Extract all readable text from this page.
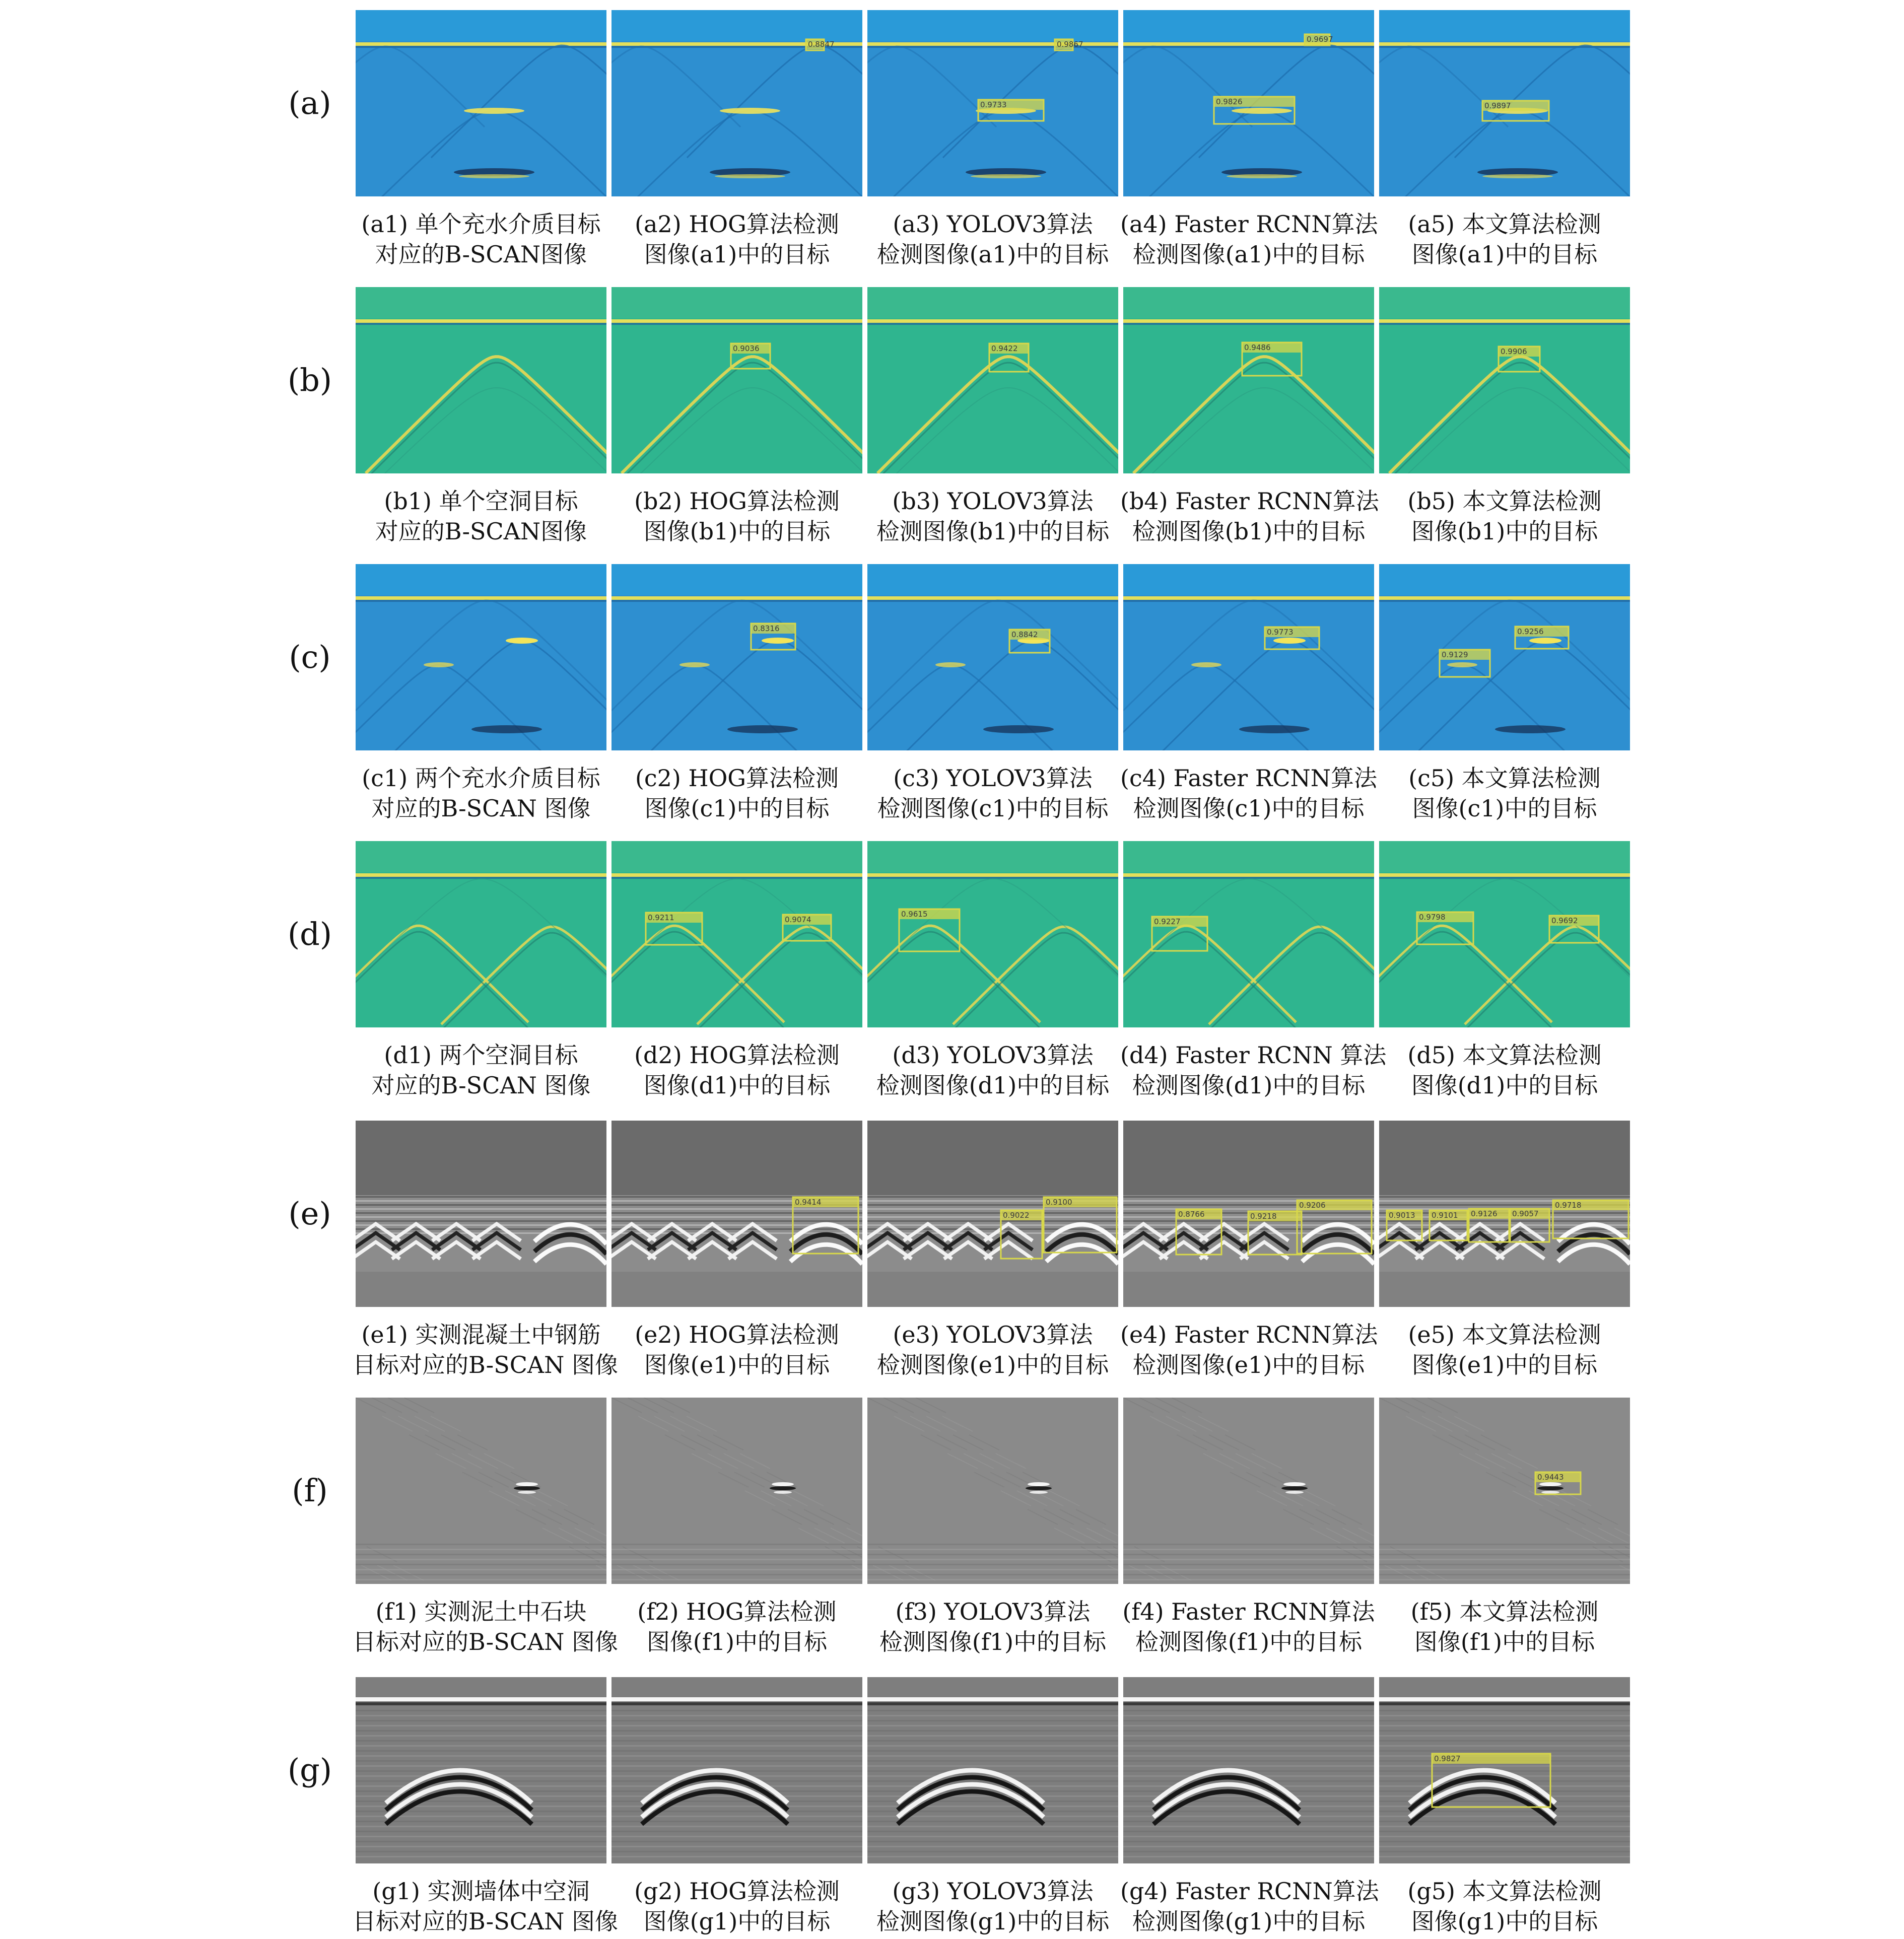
(a)
(a1) 单个充水介质目标
对应的B-SCAN图像
0.8847
(a2) HOG算法检测
图像(a1)中的目标
0.9867
0.9733
(a3) YOLOV3算法
检测图像(a1)中的目标
0.9697
0.9826
(a4) Faster RCNN算法
检测图像(a1)中的目标
0.9897
(a5) 本文算法检测
图像(a1)中的目标
(b)
(b1) 单个空洞目标
对应的B-SCAN图像
0.9036
(b2) HOG算法检测
图像(b1)中的目标
0.9422
(b3) YOLOV3算法
检测图像(b1)中的目标
0.9486
(b4) Faster RCNN算法
检测图像(b1)中的目标
0.9906
(b5) 本文算法检测
图像(b1)中的目标
(c)
(c1) 两个充水介质目标
对应的B-SCAN 图像
0.8316
(c2) HOG算法检测
图像(c1)中的目标
0.8842
(c3) YOLOV3算法
检测图像(c1)中的目标
0.9773
(c4) Faster RCNN算法
检测图像(c1)中的目标
0.9256
0.9129
(c5) 本文算法检测
图像(c1)中的目标
(d)
(d1) 两个空洞目标
对应的B-SCAN 图像
0.9211	0.9074
(d2) HOG算法检测
图像(d1)中的目标
0.9615
(d3) YOLOV3算法
检测图像(d1)中的目标
0.9227
(d4) Faster RCNN 算法
检测图像(d1)中的目标
0.9798	0.9692
(d5) 本文算法检测
图像(d1)中的目标
(e)
(e1) 实测混凝土中钢筋
目标对应的B-SCAN 图像
0.9414
(e2) HOG算法检测
图像(e1)中的目标
0.9022
0.9100
(e3) YOLOV3算法
检测图像(e1)中的目标
0.8766	0.9218
0.9206
(e4) Faster RCNN算法
检测图像(e1)中的目标
0.9013 0.9101 0.9126 0.9057
0.9718
(e5) 本文算法检测
图像(e1)中的目标
(f)
(f1) 实测泥土中石块
目标对应的B-SCAN 图像
(f2) HOG算法检测
图像(f1)中的目标
(f3) YOLOV3算法
检测图像(f1)中的目标
(f4) Faster RCNN算法
检测图像(f1)中的目标
0.9443
(f5) 本文算法检测
图像(f1)中的目标
(g)
(g1) 实测墙体中空洞
目标对应的B-SCAN 图像
(g2) HOG算法检测
图像(g1)中的目标
(g3) YOLOV3算法
检测图像(g1)中的目标
(g4) Faster RCNN算法
检测图像(g1)中的目标
0.9827
(g5) 本文算法检测
图像(g1)中的目标
